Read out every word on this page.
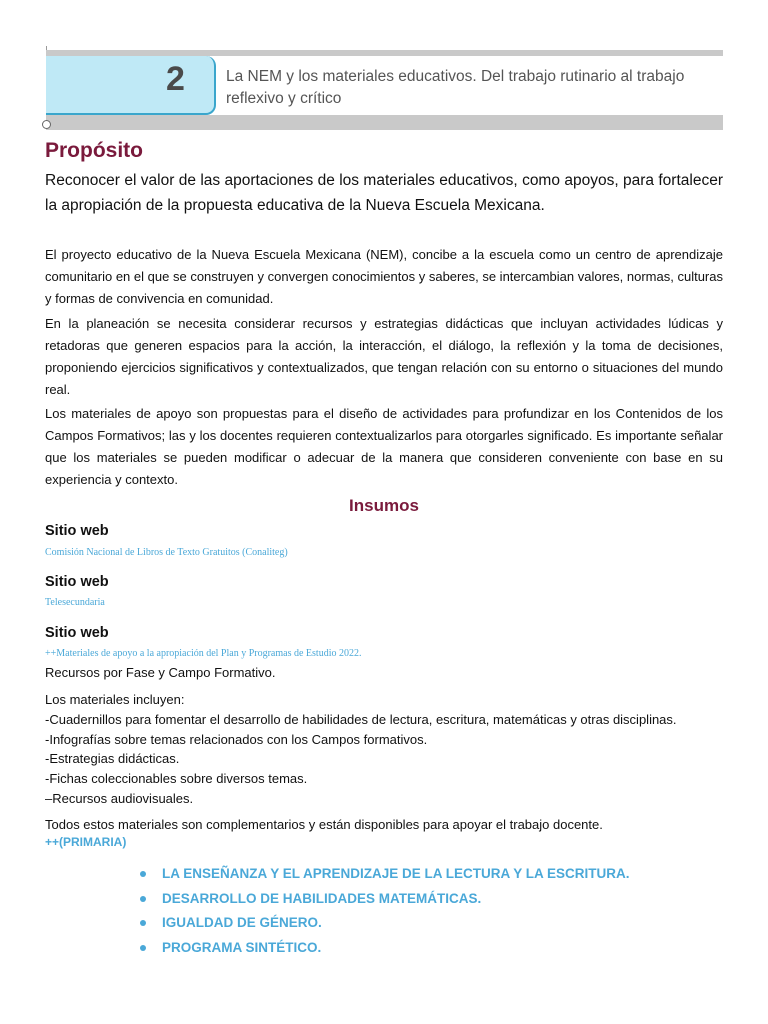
2	La NEM y los materiales educativos. Del trabajo rutinario al trabajo reflexivo y crítico
Propósito
Reconocer el valor de las aportaciones de los materiales educativos, como apoyos, para fortalecer la apropiación de la propuesta educativa de la Nueva Escuela Mexicana.
El proyecto educativo de la Nueva Escuela Mexicana (NEM), concibe a la escuela como un centro de aprendizaje comunitario en el que se construyen y convergen conocimientos y saberes, se intercambian valores, normas, culturas y formas de convivencia en comunidad.
En la planeación se necesita considerar recursos y estrategias didácticas que incluyan actividades lúdicas y retadoras que generen espacios para la acción, la interacción, el diálogo, la reflexión y la toma de decisiones, proponiendo ejercicios significativos y contextualizados, que tengan relación con su entorno o situaciones del mundo real.
Los materiales de apoyo son propuestas para el diseño de actividades para profundizar en los Contenidos de los Campos Formativos; las y los docentes requieren contextualizarlos para otorgarles significado. Es importante señalar que los materiales se pueden modificar o adecuar de la manera que consideren conveniente con base en su experiencia y contexto.
Insumos
Sitio web
Comisión Nacional de Libros de Texto Gratuitos (Conaliteg)
Sitio web
Telesecundaria
Sitio web
++Materiales de apoyo a la apropiación del Plan y Programas de Estudio 2022.
Recursos por Fase y Campo Formativo.
Los materiales incluyen:
-Cuadernillos para fomentar el desarrollo de habilidades de lectura, escritura, matemáticas y otras disciplinas.
-Infografías sobre temas relacionados con los Campos formativos.
-Estrategias didácticas.
-Fichas coleccionables sobre diversos temas.
–Recursos audiovisuales.
Todos estos materiales son complementarios y están disponibles para apoyar el trabajo docente.
++(PRIMARIA)
LA ENSEÑANZA Y EL APRENDIZAJE DE LA LECTURA Y LA ESCRITURA.
DESARROLLO DE HABILIDADES MATEMÁTICAS.
IGUALDAD DE GÉNERO.
PROGRAMA SINTÉTICO.
